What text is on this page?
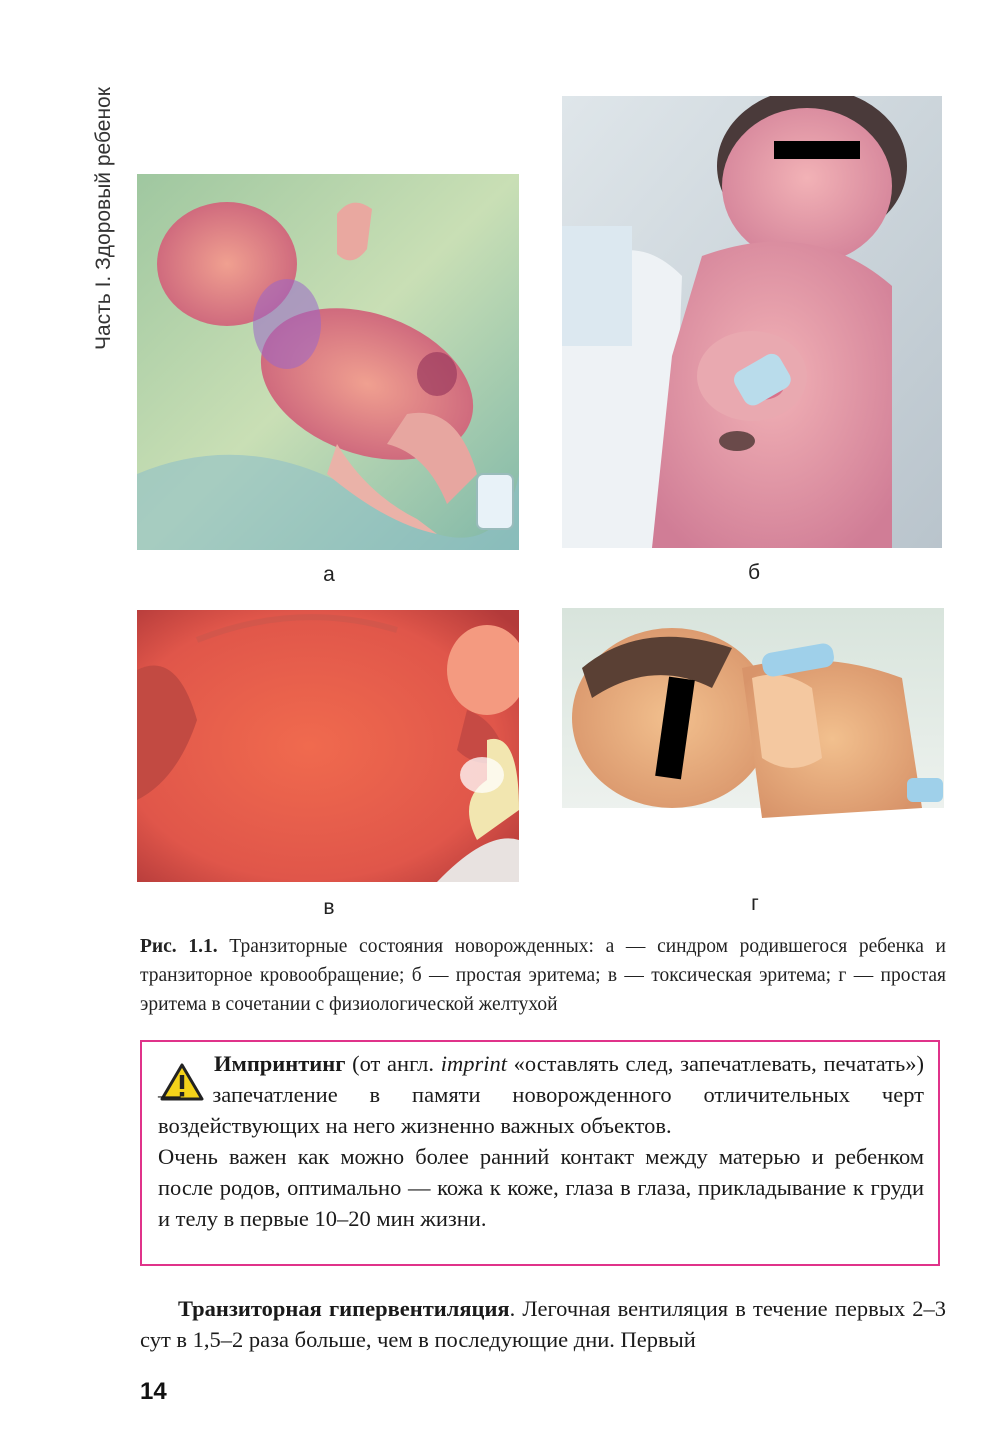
Часть I. Здоровый ребенок
а	б
в	г
Рис. 1.1. Транзиторные состояния новорожденных: а — синдром родившегося ребенка и транзиторное кровообращение; б — простая эритема; в — токсическая эритема; г — простая эритема в сочетании с физиологической желтухой

Импринтинг (от англ. imprint «оставлять след, запечатлевать, печатать») — запечатление в памяти новорожденного отличительных черт воздействующих на него жизненно важных объектов.

Очень важен как можно более ранний контакт между матерью и ребенком после родов, оптимально — кожа к коже, глаза в глаза, прикладывание к груди и телу в первые 10–20 мин жизни.

Транзиторная гипервентиляция. Легочная вентиляция в течение первых 2–3 сут в 1,5–2 раза больше, чем в последующие дни. Первый
14
